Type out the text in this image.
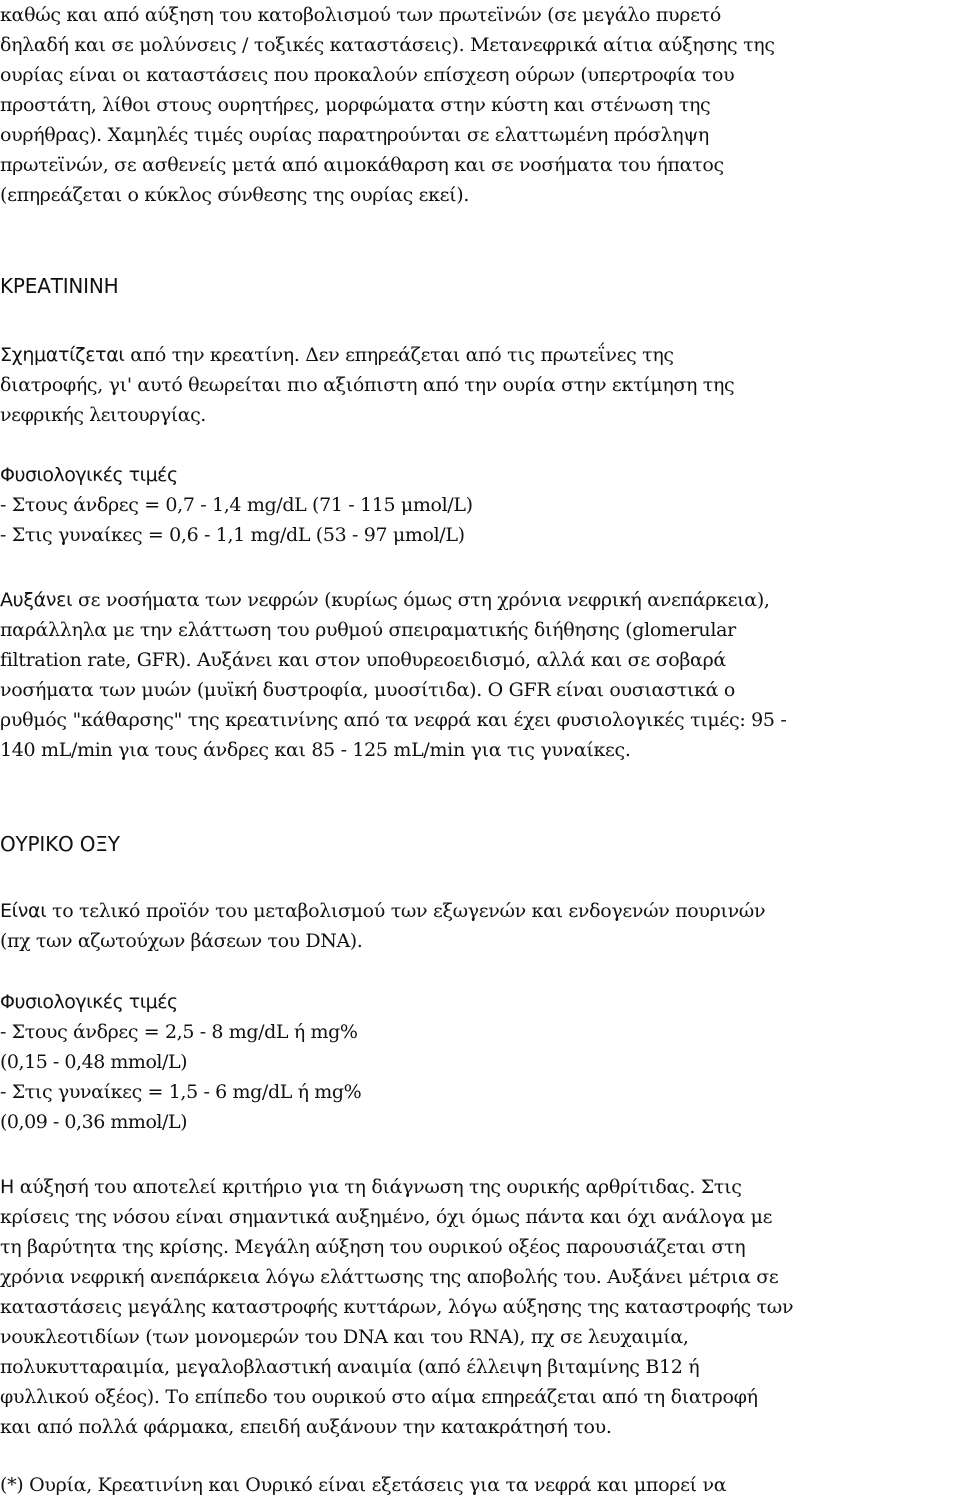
καθώς και από αύξηση του κατοβολισμού των πρωτεϊνών (σε μεγάλο πυρετό
δηλαδή και σε μολύνσεις / τοξικές καταστάσεις). Μετανεφρικά αίτια αύξησης της
ουρίας είναι οι καταστάσεις που προκαλούν επίσχεση ούρων (υπερτροφία του
προστάτη, λίθοι στους ουρητήρες, μορφώματα στην κύστη και στένωση της
ουρήθρας). Χαμηλές τιμές ουρίας παρατηρούνται σε ελαττωμένη πρόσληψη
πρωτεϊνών, σε ασθενείς μετά από αιμοκάθαρση και σε νοσήματα του ήπατος
(επηρεάζεται ο κύκλος σύνθεσης της ουρίας εκεί).
ΚΡΕΑΤΙΝΙΝΗ
Σχηματίζεται από την κρεατίνη. Δεν επηρεάζεται από τις πρωτεΐνες της
διατροφής, γι' αυτό θεωρείται πιο αξιόπιστη από την ουρία στην εκτίμηση της
νεφρικής λειτουργίας.
Φυσιολογικές τιμές
- Στους άνδρες = 0,7 - 1,4 mg/dL (71 - 115 μmol/L)
- Στις γυναίκες = 0,6 - 1,1 mg/dL (53 - 97 μmol/L)
Αυξάνει σε νοσήματα των νεφρών (κυρίως όμως στη χρόνια νεφρική ανεπάρκεια),
παράλληλα με την ελάττωση του ρυθμού σπειραματικής διήθησης (glomerular
filtration rate, GFR). Αυξάνει και στον υποθυρεοειδισμό, αλλά και σε σοβαρά
νοσήματα των μυών (μυϊκή δυστροφία, μυοσίτιδα). Ο GFR είναι ουσιαστικά ο
ρυθμός "κάθαρσης" της κρεατινίνης από τα νεφρά και έχει φυσιολογικές τιμές: 95 -
140 mL/min για τους άνδρες και 85 - 125 mL/min για τις γυναίκες.
ΟΥΡΙΚΟ ΟΞΥ
Είναι το τελικό προϊόν του μεταβολισμού των εξωγενών και ενδογενών πουρινών
(πχ των αζωτούχων βάσεων του DNA).
Φυσιολογικές τιμές
- Στους άνδρες = 2,5 - 8 mg/dL ή mg%
(0,15 - 0,48 mmol/L)
- Στις γυναίκες = 1,5 - 6 mg/dL ή mg%
(0,09 - 0,36 mmol/L)
Η αύξησή του αποτελεί κριτήριο για τη διάγνωση της ουρικής αρθρίτιδας. Στις
κρίσεις της νόσου είναι σημαντικά αυξημένο, όχι όμως πάντα και όχι ανάλογα με
τη βαρύτητα της κρίσης. Μεγάλη αύξηση του ουρικού οξέος παρουσιάζεται στη
χρόνια νεφρική ανεπάρκεια λόγω ελάττωσης της αποβολής του. Αυξάνει μέτρια σε
καταστάσεις μεγάλης καταστροφής κυττάρων, λόγω αύξησης της καταστροφής των
νουκλεοτιδίων (των μονομερών του DNA και του RNA), πχ σε λευχαιμία,
πολυκυτταραιμία, μεγαλοβλαστική αναιμία (από έλλειψη βιταμίνης Β12 ή
φυλλικού οξέος). Το επίπεδο του ουρικού στο αίμα επηρεάζεται από τη διατροφή
και από πολλά φάρμακα, επειδή αυξάνουν την κατακράτησή του.
(*) Ουρία, Κρεατινίνη και Ουρικό είναι εξετάσεις για τα νεφρά και μπορεί να
